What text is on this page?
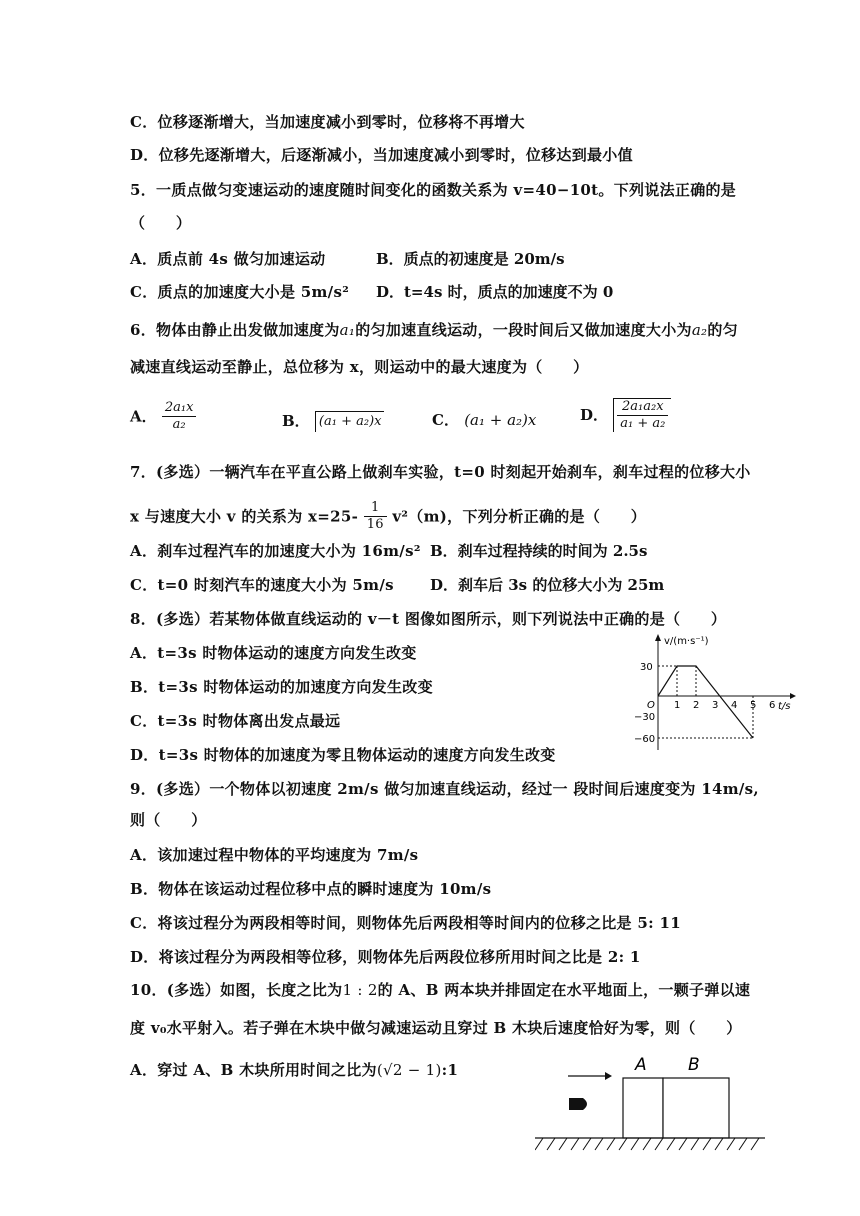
C．位移逐渐增大，当加速度减小到零时，位移将不再增大
D．位移先逐渐增大，后逐渐减小，当加速度减小到零时，位移达到最小值
5．一质点做匀变速运动的速度随时间变化的函数关系为 v=40−10t。下列说法正确的是
（　　）
A．质点前 4s 做匀加速运动	B．质点的初速度是 20m/s
C．质点的加速度大小是 5m/s² D．t=4s 时，质点的加速度不为 0
6．物体由静止出发做加速度为a₁的匀加速直线运动，一段时间后又做加速度大小为a₂的匀
减速直线运动至静止，总位移为 x，则运动中的最大速度为（　　）
A． $\frac{\text{2a₁x}}{\text{a₂}}$	B． (a₁ + a₂)x	C． (a₁ + a₂)x	D． $\frac{\text{2a₁a₂x}}{\text{a₁ + a₂}}$
7．(多选）一辆汽车在平直公路上做刹车实验，t=0 时刻起开始刹车，刹车过程的位移大小
x 与速度大小 v 的关系为 $x=25- \frac{1}{16} v^2(m)$，下列分析正确的是（　　）
A．刹车过程汽车的加速度大小为 16m/s² B．刹车过程持续的时间为 2.5s
C．t=0 时刻汽车的速度大小为 5m/s D．刹车后 3s 的位移大小为 25m
8．(多选）若某物体做直线运动的 v－t 图像如图所示，则下列说法中正确的是（　　）
A．t=3s 时物体运动的速度方向发生改变
B．t=3s 时物体运动的加速度方向发生改变
C．t=3s 时物体离出发点最远
D．t=3s 时物体的加速度为零且物体运动的速度方向发生改变
v/(m·s⁻¹)
t/s
O
30
−30
−60
1 2 3 4 5 6
9．(多选）一个物体以初速度 2m/s 做匀加速直线运动，经过一 段时间后速度变为 14m/s,
则（　　）
A．该加速过程中物体的平均速度为 7m/s
B．物体在该运动过程位移中点的瞬时速度为 10m/s
C．将该过程分为两段相等时间，则物体先后两段相等时间内的位移之比是 5: 11
D．将该过程分为两段相等位移，则物体先后两段位移所用时间之比是 2: 1
10．(多选）如图，长度之比为1 : 2的 A、B 两本块并排固定在水平地面上，一颗子弹以速
度 v₀水平射入。若子弹在木块中做匀减速运动且穿过 B 木块后速度恰好为零，则（　　）
A．穿过 A、B 木块所用时间之比为(√2 − 1):1	A B
